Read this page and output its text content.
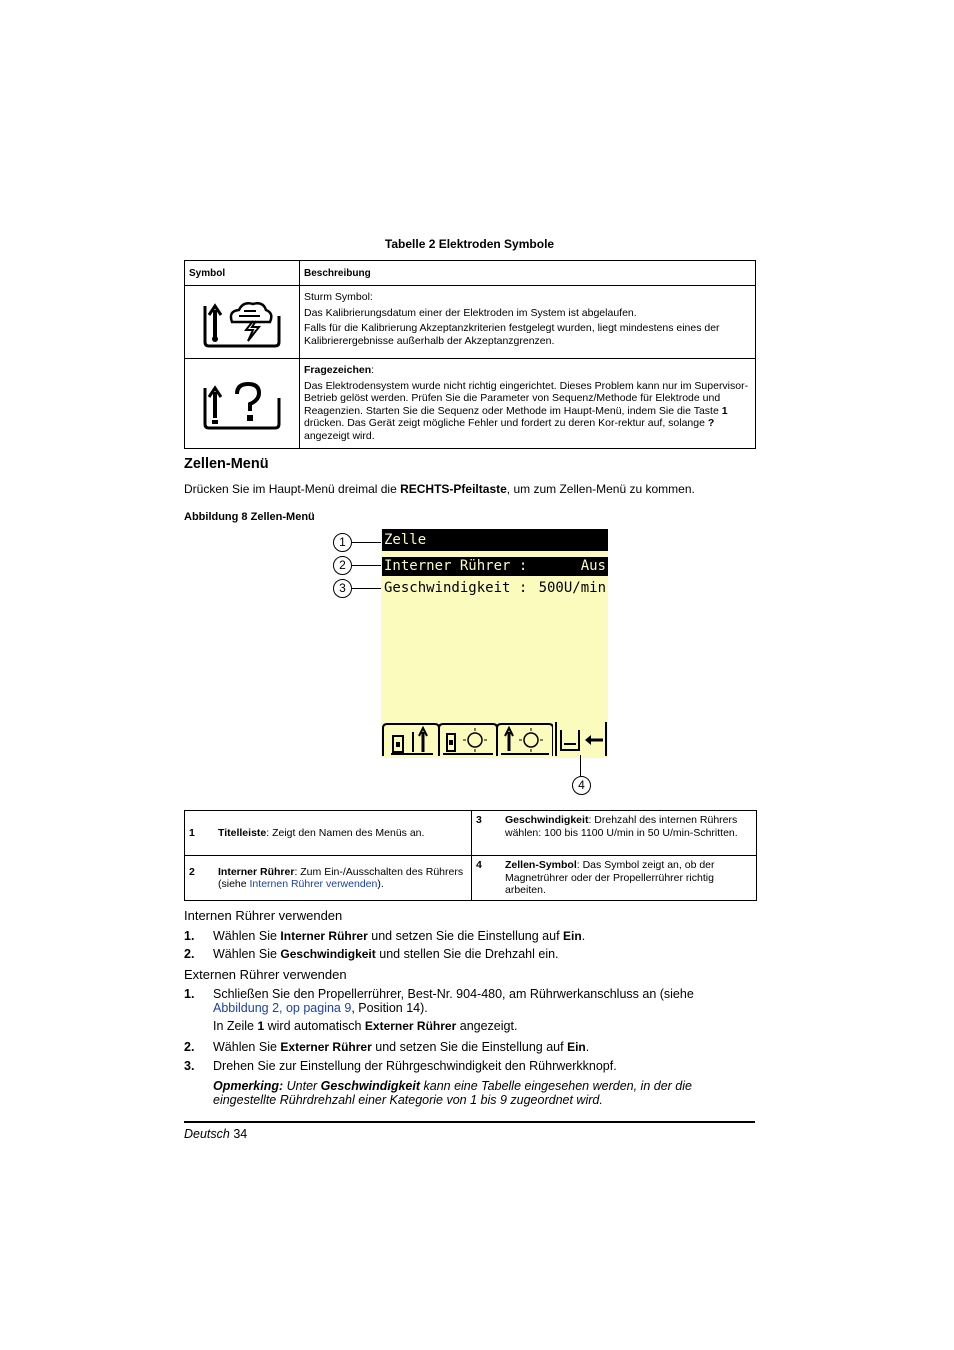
Tabelle 2 Elektroden Symbole
Symbol	Beschreibung

Sturm Symbol:

Das Kalibrierungsdatum einer der Elektroden im System ist abgelaufen.

Falls für die Kalibrierung Akzeptanzkriterien festgelegt wurden, liegt mindestens eines der Kalibrierergebnisse außerhalb der Akzeptanzgrenzen.

Fragezeichen:

Das Elektrodensystem wurde nicht richtig eingerichtet. Dieses Problem kann nur im Supervisor-Betrieb gelöst werden. Prüfen Sie die Parameter von Sequenz/Methode für Elektrode und Reagenzien. Starten Sie die Sequenz oder Methode im Haupt-Menü, indem Sie die Taste 1 drücken. Das Gerät zeigt mögliche Fehler und fordert zu deren Kor-rektur auf, solange ? angezeigt wird.

Zellen-Menü
Drücken Sie im Haupt-Menü dreimal die RECHTS-Pfeiltaste, um zum Zellen-Menü zu kommen.
Abbildung 8 Zellen-Menü
Zelle
Interner Rührer :	Aus
Geschwindigkeit : 500U/min
1
2
3
4
1 Titelleiste: Zeigt den Namen des Menüs an.	3 Geschwindigkeit: Drehzahl des internen Rührers wählen: 100 bis 1100 U/min in 50 U/min-Schritten.

2 Interner Rührer: Zum Ein-/Ausschalten des Rührers (siehe Internen Rührer verwenden).	4 Zellen-Symbol: Das Symbol zeigt an, ob der Magnetrührer oder der Propellerrührer richtig arbeiten.
Internen Rührer verwenden
1. Wählen Sie Interner Rührer und setzen Sie die Einstellung auf Ein.
2. Wählen Sie Geschwindigkeit und stellen Sie die Drehzahl ein.
Externen Rührer verwenden
1. Schließen Sie den Propellerrührer, Best-Nr. 904-480, am Rührwerkanschluss an (siehe Abbildung 2, op pagina 9, Position 14).
In Zeile 1 wird automatisch Externer Rührer angezeigt.
2. Wählen Sie Externer Rührer und setzen Sie die Einstellung auf Ein.
3. Drehen Sie zur Einstellung der Rührgeschwindigkeit den Rührwerkknopf.
Opmerking: Unter Geschwindigkeit kann eine Tabelle eingesehen werden, in der die eingestellte Rührdrehzahl einer Kategorie von 1 bis 9 zugeordnet wird.
Deutsch 34
